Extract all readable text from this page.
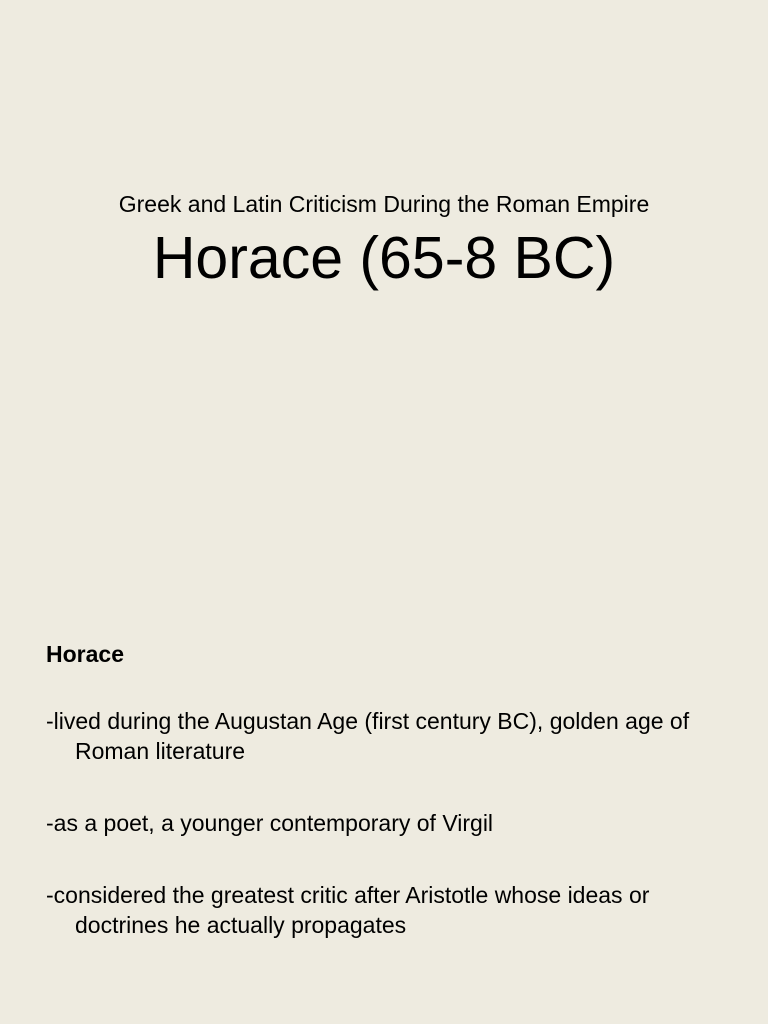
Greek and Latin Criticism During the Roman Empire
Horace (65-8 BC)
Horace
-lived during the Augustan Age (first century BC), golden age of Roman literature
-as a poet, a younger contemporary of Virgil
-considered the greatest critic after Aristotle whose ideas or doctrines he actually propagates
